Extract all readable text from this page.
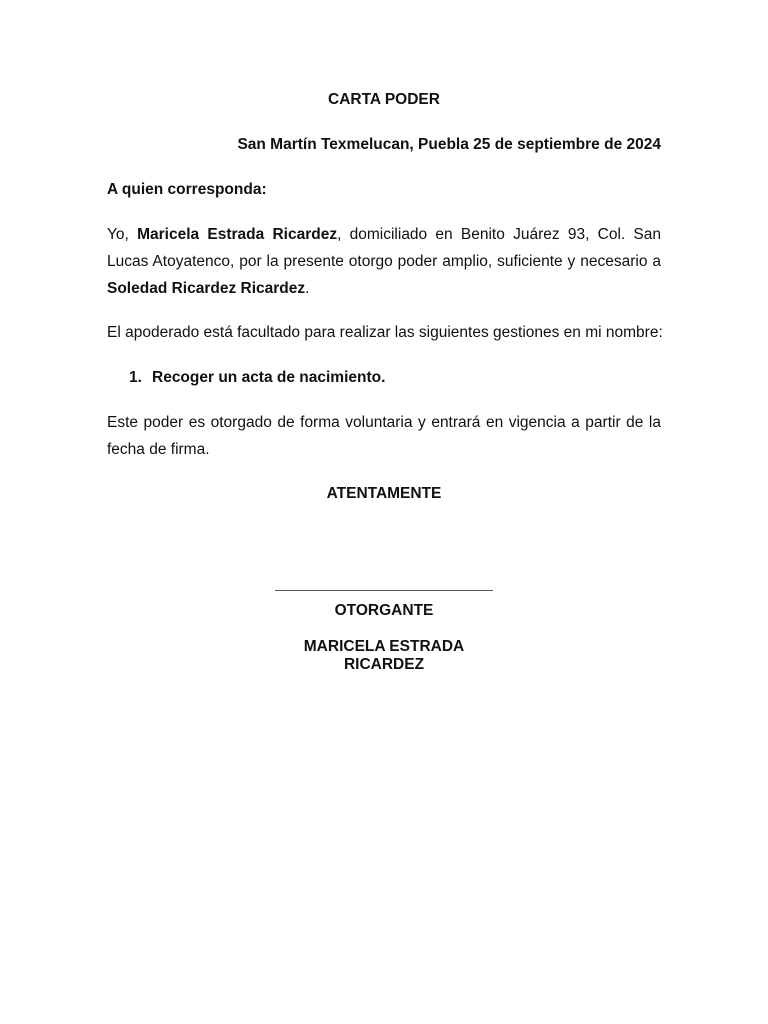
CARTA PODER
San Martín Texmelucan, Puebla 25 de septiembre de 2024
A quien corresponda:
Yo, Maricela Estrada Ricardez, domiciliado en Benito Juárez 93, Col. San Lucas Atoyatenco, por la presente otorgo poder amplio, suficiente y necesario a Soledad Ricardez Ricardez.
El apoderado está facultado para realizar las siguientes gestiones en mi nombre:
1. Recoger un acta de nacimiento.
Este poder es otorgado de forma voluntaria y entrará en vigencia a partir de la fecha de firma.
ATENTAMENTE
OTORGANTE
MARICELA ESTRADA
RICARDEZ
